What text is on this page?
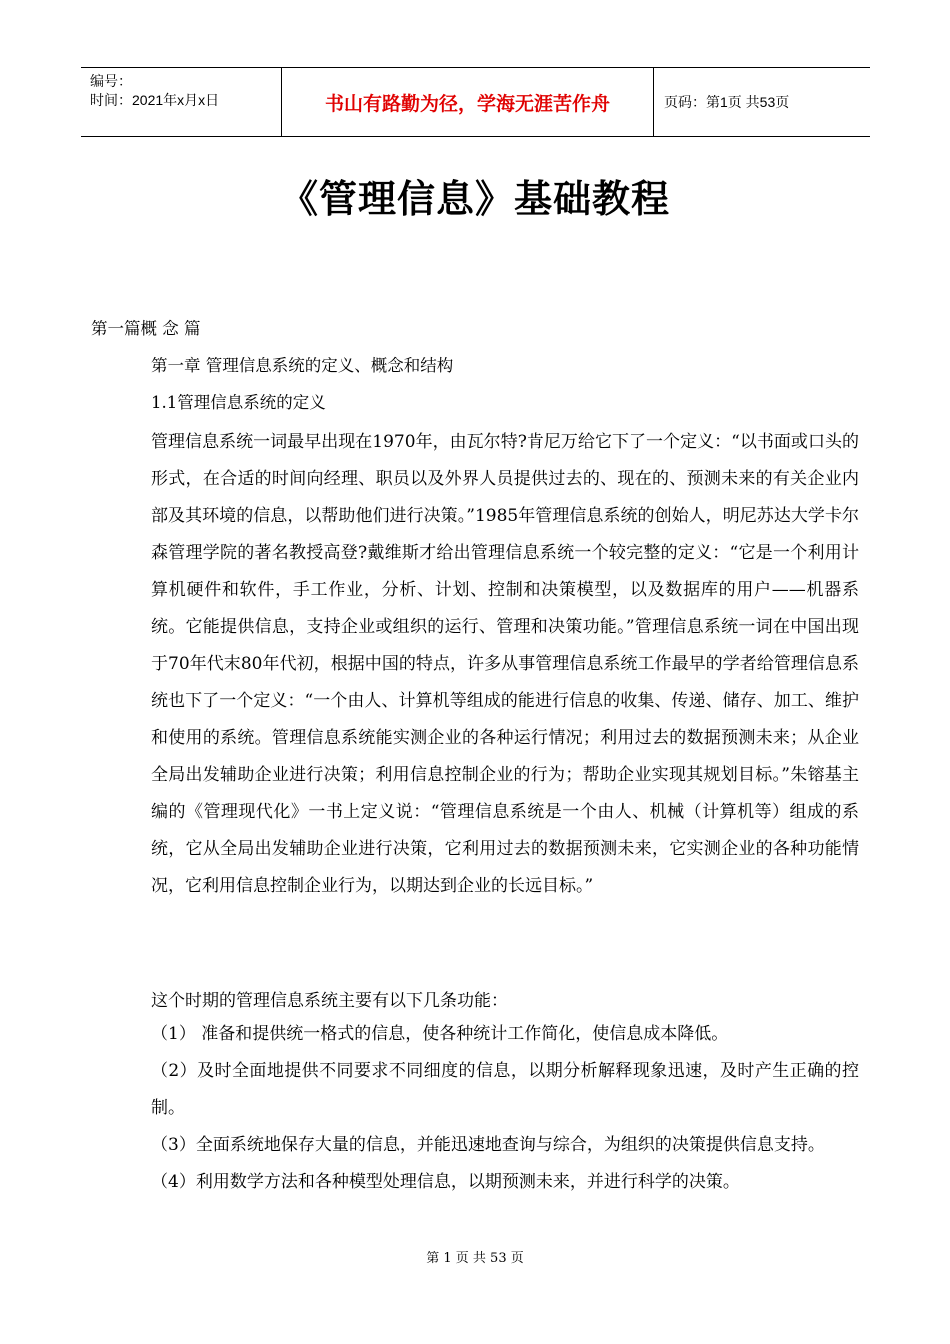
编号：
时间：2021年x月x日	书山有路勤为径，学海无涯苦作舟	页码：第1页 共53页
《管理信息》基础教程
第一篇概 念 篇
第一章 管理信息系统的定义、概念和结构
1.1管理信息系统的定义
管理信息系统一词最早出现在1970年，由瓦尔特?肯尼万给它下了一个定义：“以书面或口头的形式，在合适的时间向经理、职员以及外界人员提供过去的、现在的、预测未来的有关企业内部及其环境的信息，以帮助他们进行决策。”1985年管理信息系统的创始人，明尼苏达大学卡尔森管理学院的著名教授高登?戴维斯才给出管理信息系统一个较完整的定义：“它是一个利用计算机硬件和软件，手工作业，分析、计划、控制和决策模型，以及数据库的用户——机器系统。它能提供信息，支持企业或组织的运行、管理和决策功能。”管理信息系统一词在中国出现于70年代末80年代初，根据中国的特点，许多从事管理信息系统工作最早的学者给管理信息系统也下了一个定义：“一个由人、计算机等组成的能进行信息的收集、传递、储存、加工、维护和使用的系统。管理信息系统能实测企业的各种运行情况；利用过去的数据预测未来；从企业全局出发辅助企业进行决策；利用信息控制企业的行为；帮助企业实现其规划目标。”朱镕基主编的《管理现代化》一书上定义说：“管理信息系统是一个由人、机械（计算机等）组成的系统，它从全局出发辅助企业进行决策，它利用过去的数据预测未来，它实测企业的各种功能情况，它利用信息控制企业行为，以期达到企业的长远目标。”
这个时期的管理信息系统主要有以下几条功能：
（1） 准备和提供统一格式的信息，使各种统计工作简化，使信息成本降低。
（2）及时全面地提供不同要求不同细度的信息，以期分析解释现象迅速，及时产生正确的控制。
（3）全面系统地保存大量的信息，并能迅速地查询与综合，为组织的决策提供信息支持。
（4）利用数学方法和各种模型处理信息，以期预测未来，并进行科学的决策。
第 1 页 共 53 页
